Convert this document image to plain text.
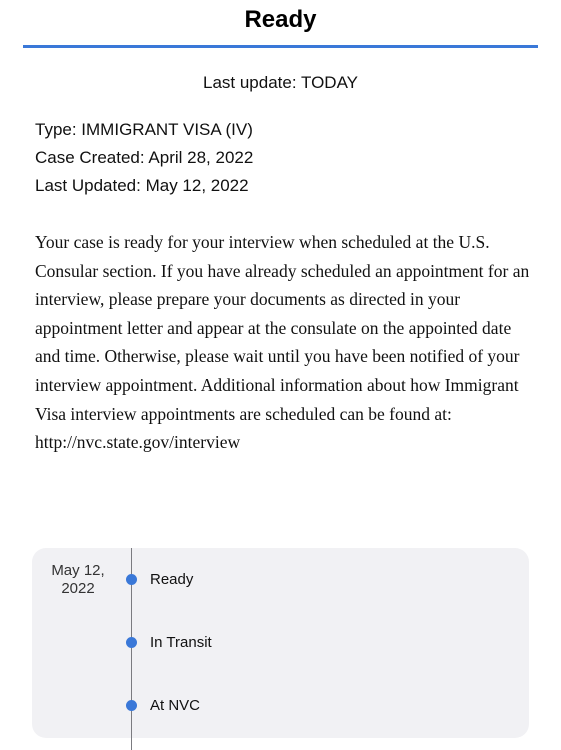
Ready
Last update: TODAY
Type: IMMIGRANT VISA (IV)
Case Created: April 28, 2022
Last Updated: May 12, 2022
Your case is ready for your interview when scheduled at the U.S. Consular section. If you have already scheduled an appointment for an interview, please prepare your documents as directed in your appointment letter and appear at the consulate on the appointed date and time. Otherwise, please wait until you have been notified of your interview appointment. Additional information about how Immigrant Visa interview appointments are scheduled can be found at: http://nvc.state.gov/interview
May 12,
2022
Ready
In Transit
At NVC
